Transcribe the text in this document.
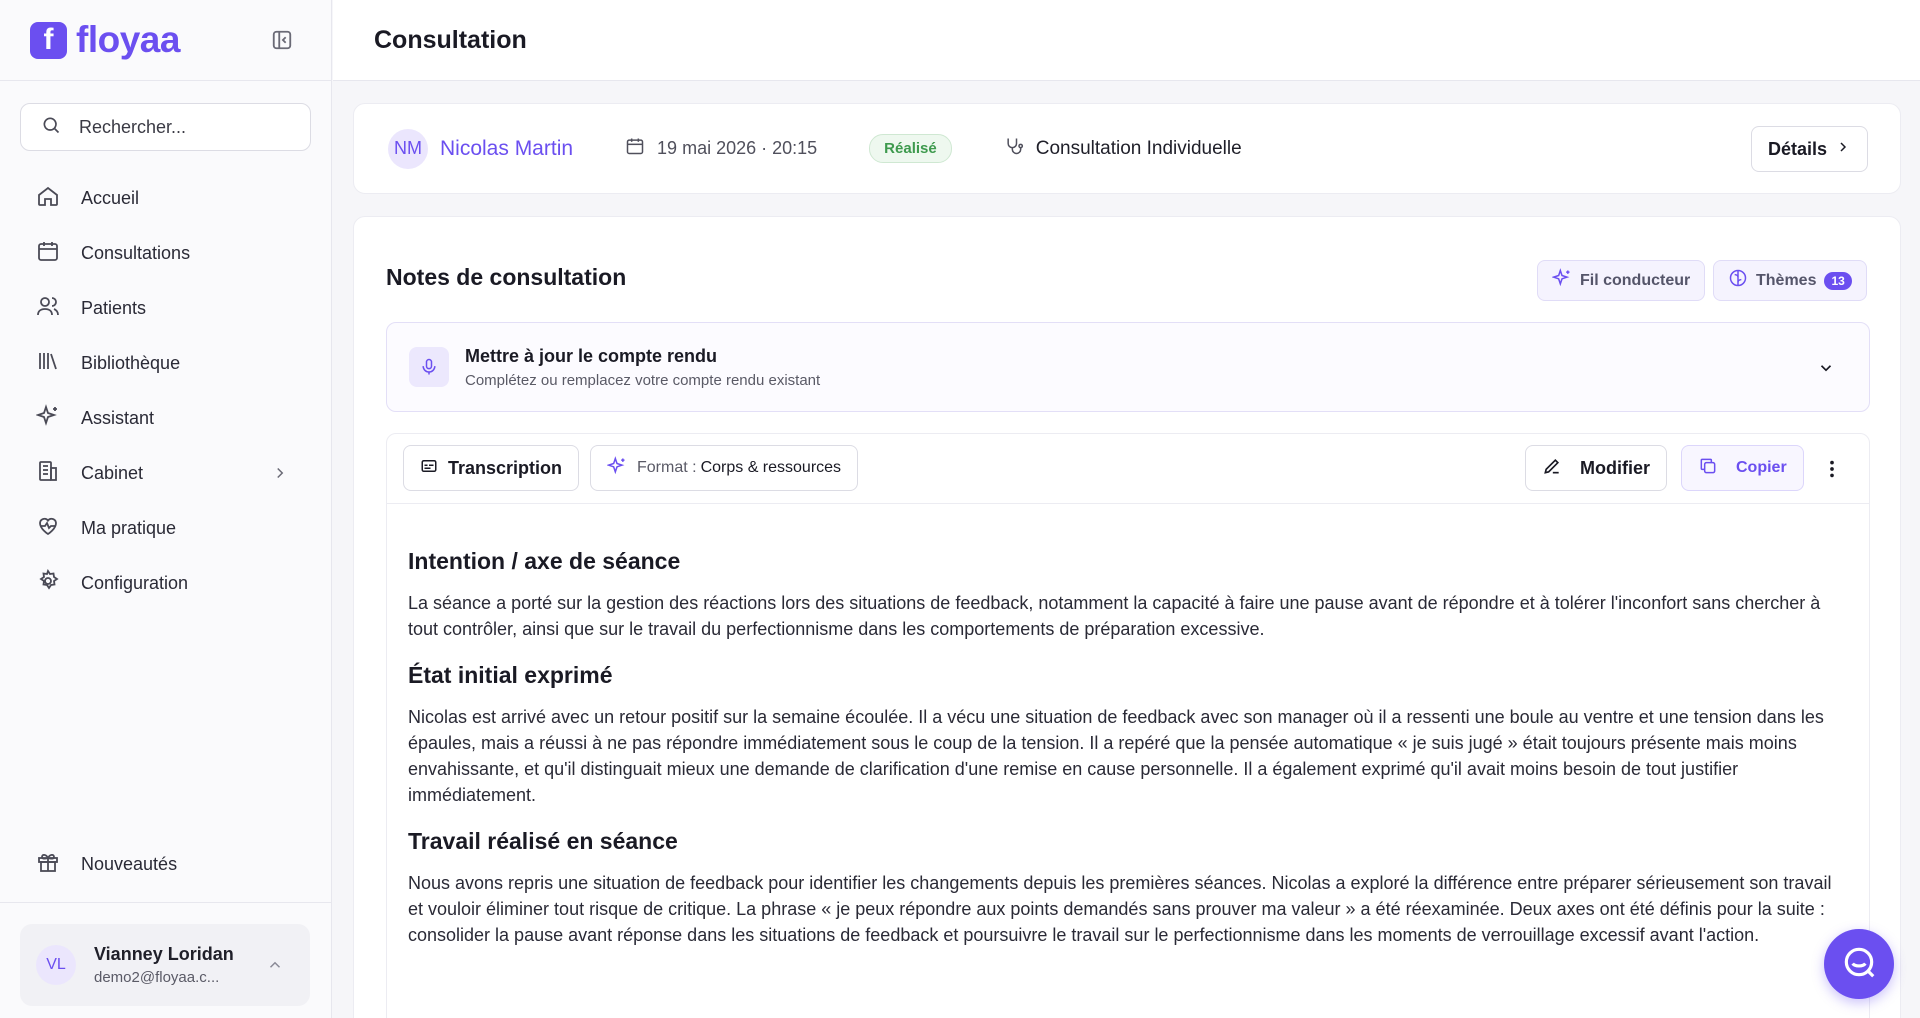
f floyaa
Rechercher...
Accueil
Consultations
Patients
Bibliothèque
Assistant
Cabinet
Ma pratique
Configuration
Nouveautés
VL
Vianney Loridan
demo2@floyaa.c...
Consultation
NM Nicolas Martin	19 mai 2026 · 20:15	Réalisé	Consultation Individuelle	Détails
Notes de consultation	Fil conducteur	Thèmes	13
Mettre à jour le compte rendu
Complétez ou remplacez votre compte rendu existant
Transcription	Format : Corps & ressources	Modifier	Copier
Intention / axe de séance

La séance a porté sur la gestion des réactions lors des situations de feedback, notamment la capacité à faire une pause avant de répondre et à tolérer l'inconfort sans chercher à tout contrôler, ainsi que sur le travail du perfectionnisme dans les comportements de préparation excessive.

État initial exprimé

Nicolas est arrivé avec un retour positif sur la semaine écoulée. Il a vécu une situation de feedback avec son manager où il a ressenti une boule au ventre et une tension dans les épaules, mais a réussi à ne pas répondre immédiatement sous le coup de la tension. Il a repéré que la pensée automatique « je suis jugé » était toujours présente mais moins envahissante, et qu'il distinguait mieux une demande de clarification d'une remise en cause personnelle. Il a également exprimé qu'il avait moins besoin de tout justifier immédiatement.

Travail réalisé en séance

Nous avons repris une situation de feedback pour identifier les changements depuis les premières séances. Nicolas a exploré la différence entre préparer sérieusement son travail et vouloir éliminer tout risque de critique. La phrase « je peux répondre aux points demandés sans prouver ma valeur » a été réexaminée. Deux axes ont été définis pour la suite : consolider la pause avant réponse dans les situations de feedback et poursuivre le travail sur le perfectionnisme dans les moments de verrouillage excessif avant l'action.
